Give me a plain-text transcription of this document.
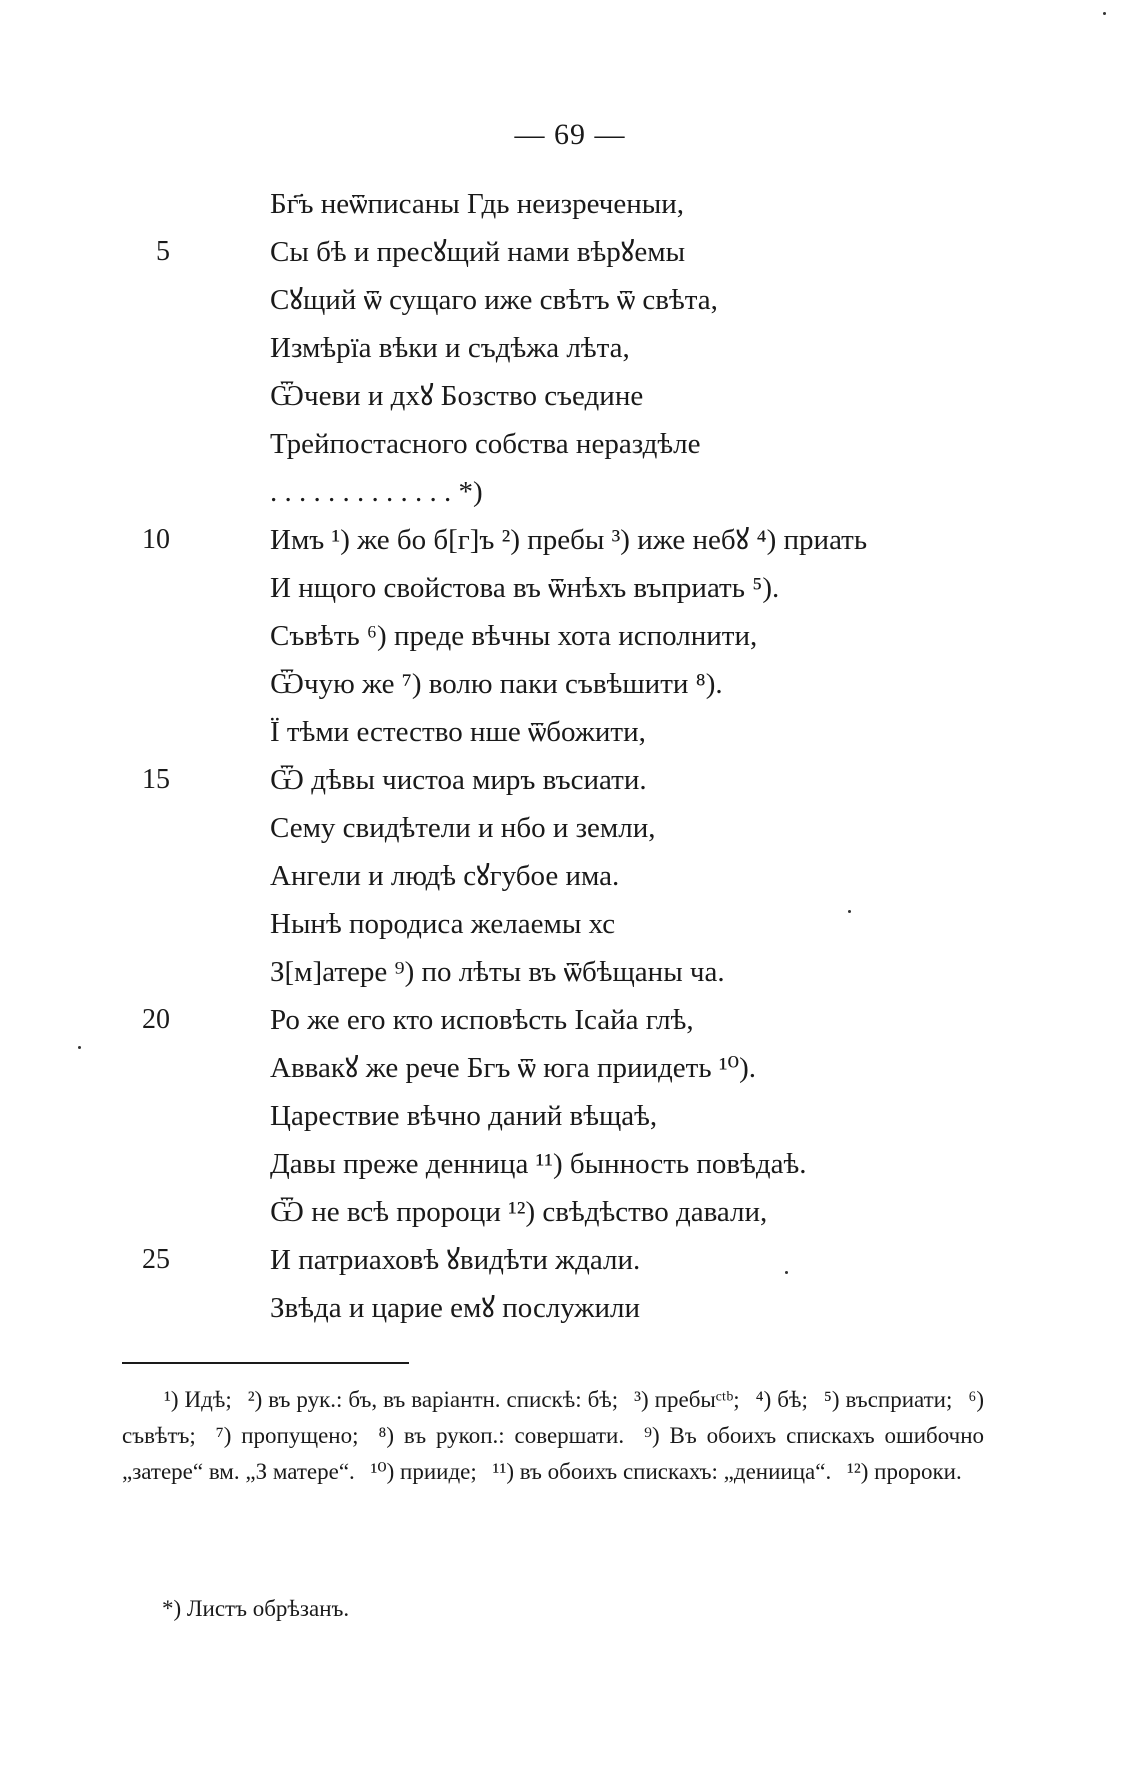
— 69 —
Бг҃ъ неѿписаны Гдь неизреченыи,
5	Сы бѣ и пресꙋщий нами вѣрꙋемы
Сꙋщий ѿ сущаго иже свѣтъ ѿ свѣта,
Измѣрїа вѣки и съдѣжа лѣта,
Ѿчеви и дхꙋ Бозство съедине
Трейпостасного собства нераздѣле
. . . . . . . . . . . . . *)
10	Имъ ¹) же бо б[г]ъ ²) пребы ³) иже небꙋ ⁴) приать
И нщого свойстова въ ѿнѣхъ въприать ⁵).
Съвѣть ⁶) преде вѣчны хота исполнити,
Ѿчую же ⁷) волю паки съвѣшити ⁸).
Ї тѣми естество нше ѿбожити,
15	Ѿ дѣвы чистоа миръ въсиати.
Сему свидѣтели и нбо и земли,
Ангели и людѣ сꙋгубое има.
Нынѣ породиса желаемы хс
З[м]атере ⁹) по лѣты въ ѿбѣщаны ча.
20	Ро же его кто исповѣсть Ӏсайа глѣ,
Аввакꙋ же рече Бгъ ѿ юга приидеть ¹⁰).
Царествие вѣчно даний вѣщаѣ,
Давы преже денница ¹¹) бынность повѣдаѣ.
Ѿ не всѣ пророци ¹²) свѣдѣство давали,
25	И патриаховѣ ꙋвидѣти ждали.
Звѣда и царие емꙋ послужили

¹) Идѣ; ²) въ рук.: бъ, въ варіантн. спискѣ: бѣ; ³) пребыᶜᵗᵇ; ⁴) бѣ; ⁵) въсприати; ⁶) съвѣтъ; ⁷) пропущено; ⁸) въ рукоп.: совершати. ⁹) Въ обоихъ спискахъ ошибочно „затере“ вм. „З матере“. ¹⁰) прииде; ¹¹) въ обоихъ спискахъ: „дениица“. ¹²) пророки.

*) Листъ обрѣзанъ.
